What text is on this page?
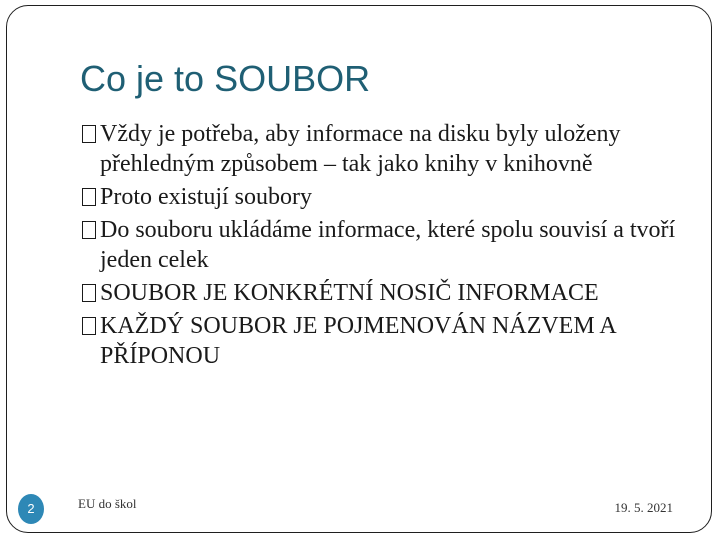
Co je to SOUBOR
Vždy je potřeba, aby informace na disku byly uloženy přehledným způsobem – tak jako knihy v knihovně
Proto existují soubory
Do souboru ukládáme informace, které spolu souvisí a tvoří jeden celek
SOUBOR JE KONKRÉTNÍ NOSIČ INFORMACE
KAŽDÝ SOUBOR JE POJMENOVÁN NÁZVEM A PŘÍPONOU
2	EU do škol	19. 5. 2021
